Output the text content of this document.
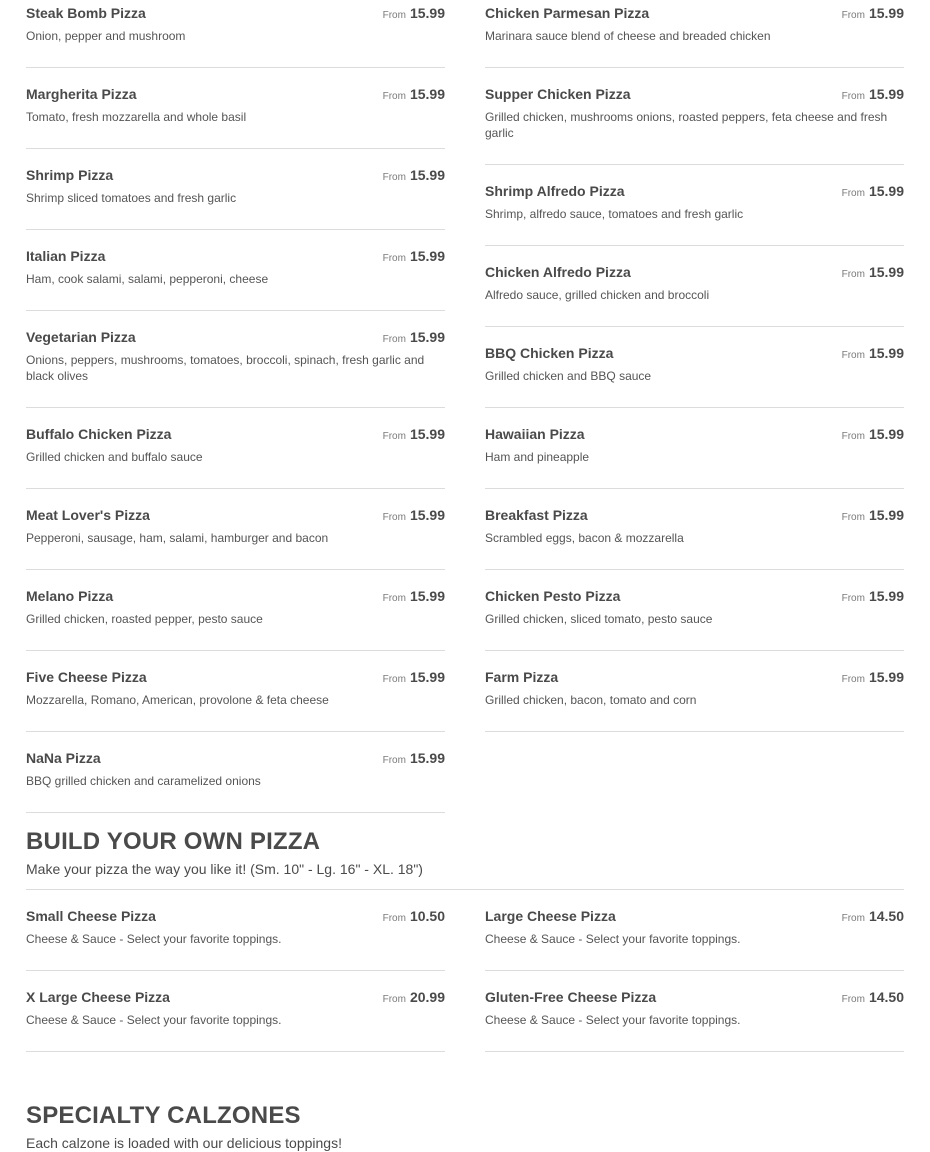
Steak Bomb Pizza	From 15.99
Onion, pepper and mushroom
Margherita Pizza	From 15.99
Tomato, fresh mozzarella and whole basil
Shrimp Pizza	From 15.99
Shrimp sliced tomatoes and fresh garlic
Italian Pizza	From 15.99
Ham, cook salami, salami, pepperoni, cheese
Vegetarian Pizza	From 15.99
Onions, peppers, mushrooms, tomatoes, broccoli, spinach, fresh garlic and black olives
Buffalo Chicken Pizza	From 15.99
Grilled chicken and buffalo sauce
Meat Lover's Pizza	From 15.99
Pepperoni, sausage, ham, salami, hamburger and bacon
Melano Pizza	From 15.99
Grilled chicken, roasted pepper, pesto sauce
Five Cheese Pizza	From 15.99
Mozzarella, Romano, American, provolone & feta cheese
NaNa Pizza	From 15.99
BBQ grilled chicken and caramelized onions
Chicken Parmesan Pizza	From 15.99
Marinara sauce blend of cheese and breaded chicken
Supper Chicken Pizza	From 15.99
Grilled chicken, mushrooms onions, roasted peppers, feta cheese and fresh garlic
Shrimp Alfredo Pizza	From 15.99
Shrimp, alfredo sauce, tomatoes and fresh garlic
Chicken Alfredo Pizza	From 15.99
Alfredo sauce, grilled chicken and broccoli
BBQ Chicken Pizza	From 15.99
Grilled chicken and BBQ sauce
Hawaiian Pizza	From 15.99
Ham and pineapple
Breakfast Pizza	From 15.99
Scrambled eggs, bacon & mozzarella
Chicken Pesto Pizza	From 15.99
Grilled chicken, sliced tomato, pesto sauce
Farm Pizza	From 15.99
Grilled chicken, bacon, tomato and corn
BUILD YOUR OWN PIZZA
Make your pizza the way you like it! (Sm. 10" - Lg. 16" - XL. 18")
Small Cheese Pizza	From 10.50
Cheese & Sauce - Select your favorite toppings.
X Large Cheese Pizza	From 20.99
Cheese & Sauce - Select your favorite toppings.
Large Cheese Pizza	From 14.50
Cheese & Sauce - Select your favorite toppings.
Gluten-Free Cheese Pizza	From 14.50
Cheese & Sauce - Select your favorite toppings.
SPECIALTY CALZONES
Each calzone is loaded with our delicious toppings!
